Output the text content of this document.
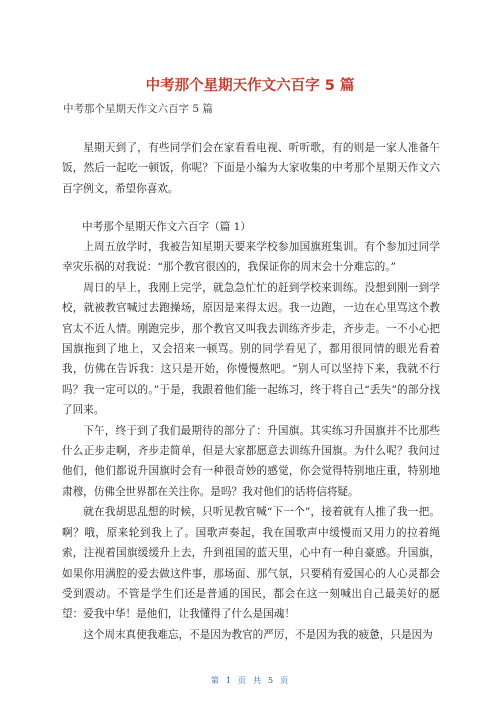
中考那个星期天作文六百字 5 篇
中考那个星期天作文六百字 5 篇

星期天到了，有些同学们会在家看看电视、听听歌，有的则是一家人准备午饭，然后一起吃一顿饭，你呢？下面是小编为大家收集的中考那个星期天作文六百字例文，希望你喜欢。

中考那个星期天作文六百字（篇 1）

上周五放学时，我被告知星期天要来学校参加国旗班集训。有个参加过同学幸灾乐祸的对我说：“那个教官很凶的，我保证你的周末会十分难忘的。”

周日的早上，我刚上完学，就急急忙忙的赶到学校来训练。没想到刚一到学校，就被教官喊过去跑操场，原因是来得太迟。我一边跑，一边在心里骂这个教官太不近人情。刚跑完步，那个教官又叫我去训练齐步走，齐步走。一不小心把国旗拖到了地上，又会招来一顿骂。别的同学看见了，都用很同情的眼光看着我，仿佛在告诉我：这只是开始，你慢慢熬吧。“别人可以坚持下来，我就不行吗？我一定可以的。”于是，我跟着他们能一起练习，终于将自己“丢失”的部分找了回来。

下午，终于到了我们最期待的部分了：升国旗。其实练习升国旗并不比那些什么正步走啊，齐步走简单，但是大家都愿意去训练升国旗。为什么呢？我问过他们，他们都说升国旗时会有一种很奇妙的感觉，你会觉得特别地庄重，特别地肃穆，仿佛全世界都在关注你。是吗？我对他们的话将信将疑。

就在我胡思乱想的时候，只听见教官喊“下一个”，接着就有人推了我一把。啊？哦，原来轮到我上了。国歌声奏起，我在国歌声中缓慢而又用力的拉着绳索，注视着国旗缓缓升上去，升到祖国的蓝天里，心中有一种自豪感。升国旗，如果你用满腔的爱去做这件事，那场面、那气氛，只要稍有爱国心的人心灵都会受到震动。不管是学生们还是普通的国民，都会在这一刻喊出自己最美好的愿望：爱我中华！是他们，让我懂得了什么是国魂！

这个周末真使我难忘，不是因为教官的严厉，不是因为我的疲惫，只是因为

第 1 页 共 5 页
